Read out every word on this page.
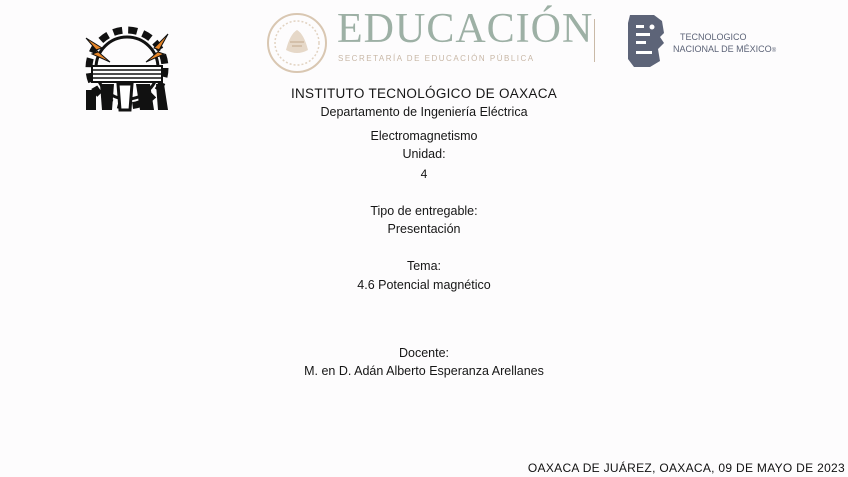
EDUCACIÓN
SECRETARÍA DE EDUCACIÓN PÚBLICA
TECNOLOGICO
NACIONAL DE MÉXICO®
INSTITUTO TECNOLÓGICO DE OAXACA
Departamento de Ingeniería Eléctrica
Electromagnetismo
Unidad:
4
Tipo de entregable:
Presentación
Tema:
4.6 Potencial magnético
Docente:
M. en D. Adán Alberto Esperanza Arellanes
OAXACA DE JUÁREZ, OAXACA, 09 DE MAYO DE 2023
